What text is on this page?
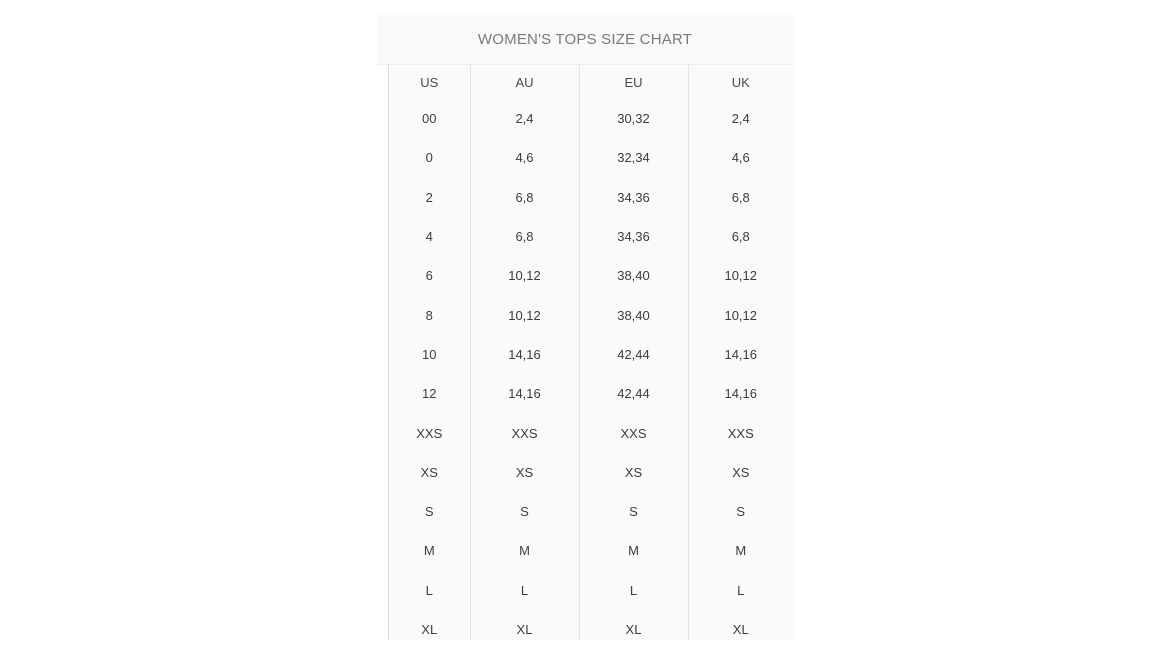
WOMEN'S TOPS SIZE CHART
US	AU	EU	UK
00	2,4	30,32	2,4
0	4,6	32,34	4,6
2	6,8	34,36	6,8
4	6,8	34,36	6,8
6	10,12	38,40	10,12
8	10,12	38,40	10,12
10	14,16	42,44	14,16
12	14,16	42,44	14,16
XXS	XXS	XXS	XXS
XS	XS	XS	XS
S	S	S	S
M	M	M	M
L	L	L	L
XL	XL	XL	XL
